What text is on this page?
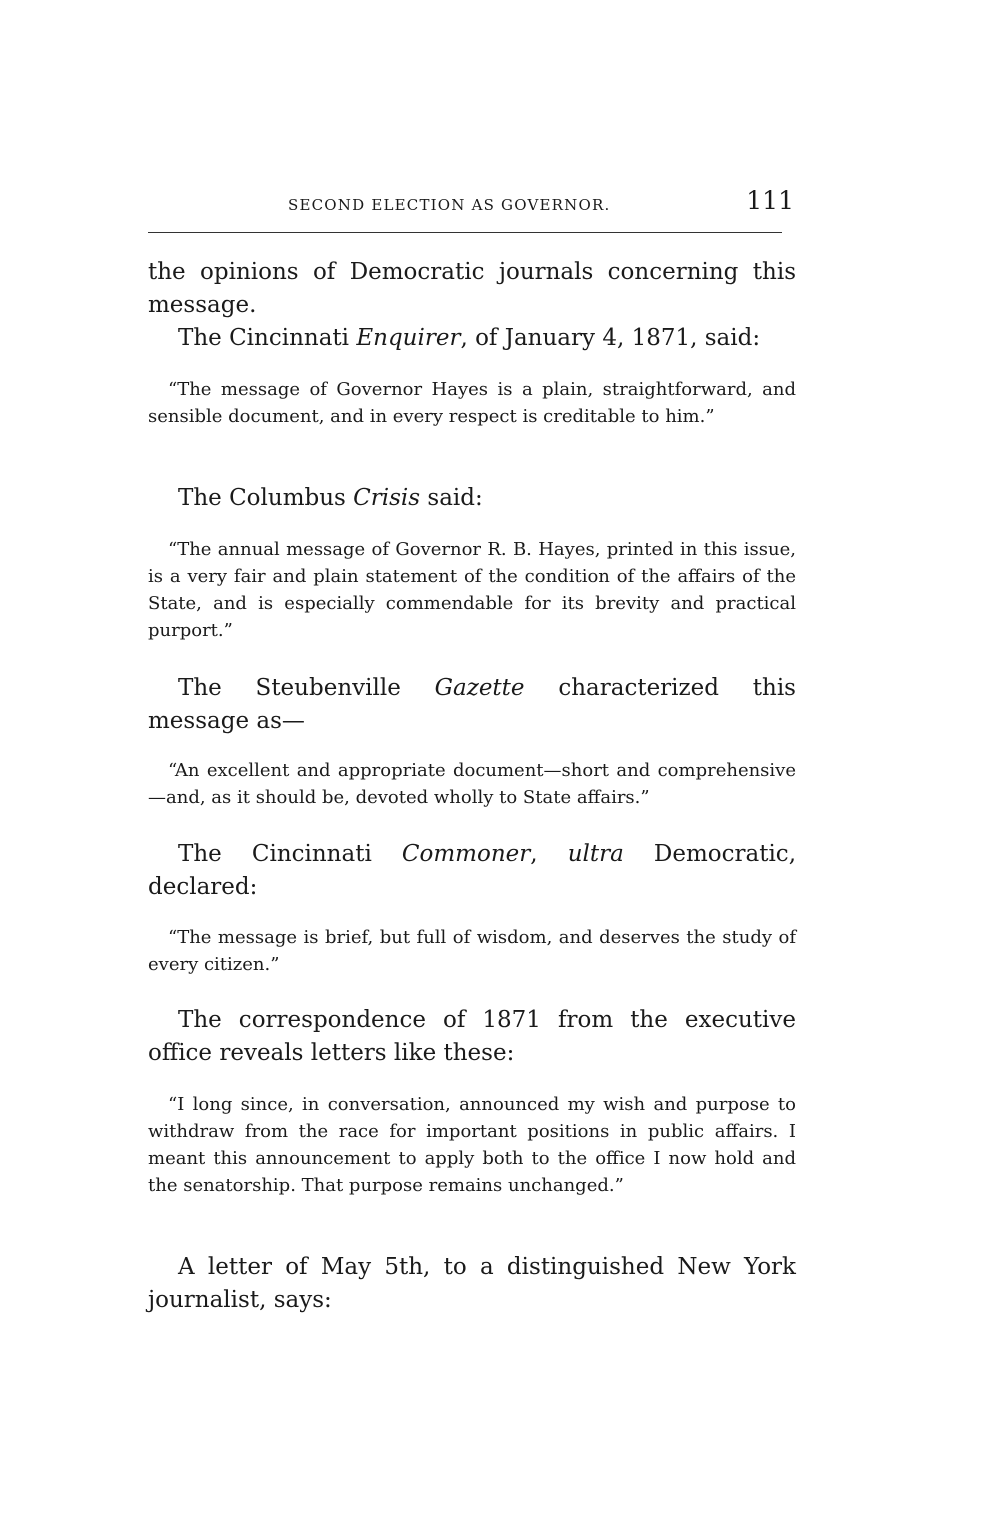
SECOND ELECTION AS GOVERNOR.	111

the opinions of Democratic journals concerning this message.

The Cincinnati Enquirer, of January 4, 1871, said:

“The message of Governor Hayes is a plain, straightforward, and sensible document, and in every respect is creditable to him.”

The Columbus Crisis said:

“The annual message of Governor R. B. Hayes, printed in this issue, is a very fair and plain statement of the condition of the affairs of the State, and is especially commendable for its brevity and practical purport.”

The Steubenville Gazette characterized this message as—

“An excellent and appropriate document—short and comprehensive—and, as it should be, devoted wholly to State affairs.”

The Cincinnati Commoner, ultra Democratic, declared:

“The message is brief, but full of wisdom, and deserves the study of every citizen.”

The correspondence of 1871 from the executive office reveals letters like these:

“I long since, in conversation, announced my wish and purpose to withdraw from the race for important positions in public affairs. I meant this announcement to apply both to the office I now hold and the senatorship. That purpose remains unchanged.”

A letter of May 5th, to a distinguished New York journalist, says:
